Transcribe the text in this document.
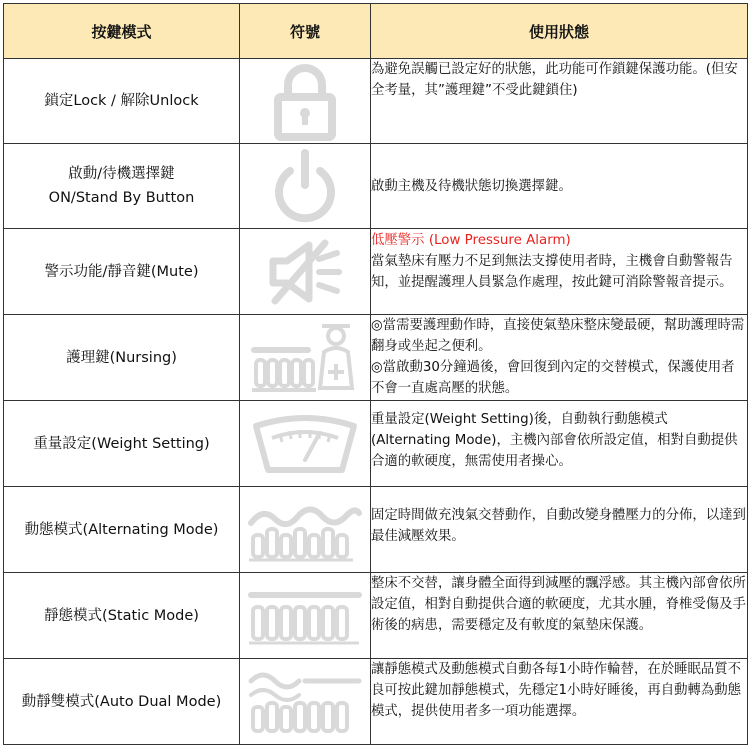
按鍵模式	符號	使用狀態

鎖定Lock / 解除Unlock		為避免誤觸已設定好的狀態，此功能可作鎖鍵保護功能。(但安全考量，其”護理鍵”不受此鍵鎖住)

啟動/待機選擇鍵
ON/Stand By Button		啟動主機及待機狀態切換選擇鍵。

警示功能/靜音鍵(Mute)		低壓警示 (Low Pressure Alarm)
當氣墊床有壓力不足到無法支撐使用者時，主機會自動警報告知，並提醒護理人員緊急作處理，按此鍵可消除警報音提示。

護理鍵(Nursing)		◎當需要護理動作時，直接使氣墊床整床變最硬，幫助護理時需翻身或坐起之便利。
◎當啟動30分鐘過後，會回復到內定的交替模式，保護使用者不會一直處高壓的狀態。

重量設定(Weight Setting)		重量設定(Weight Setting)後，自動執行動態模式(Alternating Mode)，主機內部會依所設定值，相對自動提供合適的軟硬度，無需使用者操心。

動態模式(Alternating Mode)		固定時間做充洩氣交替動作，自動改變身體壓力的分佈，以達到最佳減壓效果。

靜態模式(Static Mode)		整床不交替，讓身體全面得到減壓的飄浮感。其主機內部會依所設定值，相對自動提供合適的軟硬度，尤其水腫，脊椎受傷及手術後的病患，需要穩定及有軟度的氣墊床保護。

動靜雙模式(Auto Dual Mode)		讓靜態模式及動態模式自動各每1小時作輪替，在於睡眠品質不良可按此鍵加靜態模式，先穩定1小時好睡後，再自動轉為動態模式，提供使用者多一項功能選擇。
